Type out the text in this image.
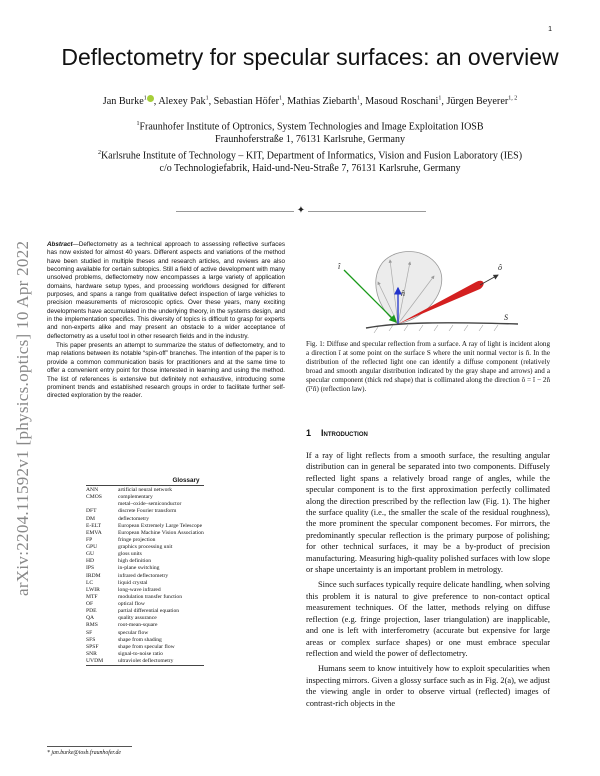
1
arXiv:2204.11592v1 [physics.optics] 10 Apr 2022
Deflectometry for specular surfaces: an overview
Jan Burke$^1$ , Alexey Pak$^1$, Sebastian Höfer$^1$, Mathias Ziebarth$^1$, Masoud Roschani$^1$, Jürgen Beyerer$^{1, 2}$
$^1$Fraunhofer Institute of Optronics, System Technologies and Image Exploitation IOSB
Fraunhoferstraße 1, 76131 Karlsruhe, Germany
$^2$Karlsruhe Institute of Technology – KIT, Department of Informatics, Vision and Fusion Laboratory (IES)
c/o Technologiefabrik, Haid-und-Neu-Straße 7, 76131 Karlsruhe, Germany
✦

Abstract—Deflectometry as a technical approach to assessing reflective surfaces has now existed for almost 40 years. Different aspects and variations of the method have been studied in multiple theses and research articles, and reviews are also becoming available for certain subtopics. Still a field of active development with many unsolved problems, deflectometry now encompasses a large variety of application domains, hardware setup types, and processing workflows designed for different purposes, and spans a range from qualitative defect inspection of large vehicles to precision measurements of microscopic optics. Over these years, many exciting developments have accumulated in the underlying theory, in the systems design, and in the implementation specifics. This diversity of topics is difficult to grasp for experts and non-experts alike and may present an obstacle to a wider acceptance of deflectometry as a useful tool in other research fields and in the industry.

This paper presents an attempt to summarize the status of deflectometry, and to map relations between its notable “spin-off” branches. The intention of the paper is to provide a common communication basis for practitioners and at the same time to offer a convenient entry point for those interested in learning and using the method. The list of references is extensive but definitely not exhaustive, introducing some prominent trends and established research groups in order to facilitate further self-directed exploration by the reader.

Glossary

ANN	artificial neural network
CMOS	complementary
	metal–oxide–semiconductor
DFT	discrete Fourier transform
DM	deflectometry
E-ELT	European Extremely Large Telescope
EMVA	European Machine Vision Association
FP	fringe projection
GPU	graphics processing unit
GU	gloss units
HD	high definition
IPS	in-plane switching
IRDM	infrared deflectometry
LC	liquid crystal
LWIR	long-wave infrared
MTF	modulation transfer function
OF	optical flow
PDE	partial differential equation
QA	quality assurance
RMS	root-mean-square
SF	specular flow
SFS	shape from shading
SPSF	shape from specular flow
SNR	signal-to-noise ratio
UVDM	ultraviolet deflectometry
* jan.burke@iosb.fraunhofer.de
î
n̂
ô
S
Fig. 1: Diffuse and specular reflection from a surface. A ray of light is incident along a direction î at some point on the surface S where the unit normal vector is n̂. In the distribution of the reflected light one can identify a diffuse component (relatively broad and smooth angular distribution indicated by the gray shape and arrows) and a specular component (thick red shape) that is collimated along the direction ô = î − 2n̂ (îᵀn̂) (reflection law).
1 Introduction

If a ray of light reflects from a smooth surface, the resulting angular distribution can in general be separated into two components. Diffusely reflected light spans a relatively broad range of angles, while the specular component is to the first approximation perfectly collimated along the direction prescribed by the reflection law (Fig. 1). The higher the surface quality (i.e., the smaller the scale of the residual roughness), the more prominent the specular component becomes. For mirrors, the predominantly specular reflection is the primary purpose of polishing; for other technical surfaces, it may be a by-product of precision manufacturing. Measuring high-quality polished surfaces with low slope or shape uncertainty is an important problem in metrology.

Since such surfaces typically require delicate handling, when solving this problem it is natural to give preference to non-contact optical measurement techniques. Of the latter, methods relying on diffuse reflection (e.g. fringe projection, laser triangulation) are inapplicable, and one is left with interferometry (accurate but expensive for large areas or complex surface shapes) or one must embrace specular reflection and wield the power of deflectometry.

Humans seem to know intuitively how to exploit specularities when inspecting mirrors. Given a glossy surface such as in Fig. 2(a), we adjust the viewing angle in order to observe virtual (reflected) images of contrast-rich objects in the
